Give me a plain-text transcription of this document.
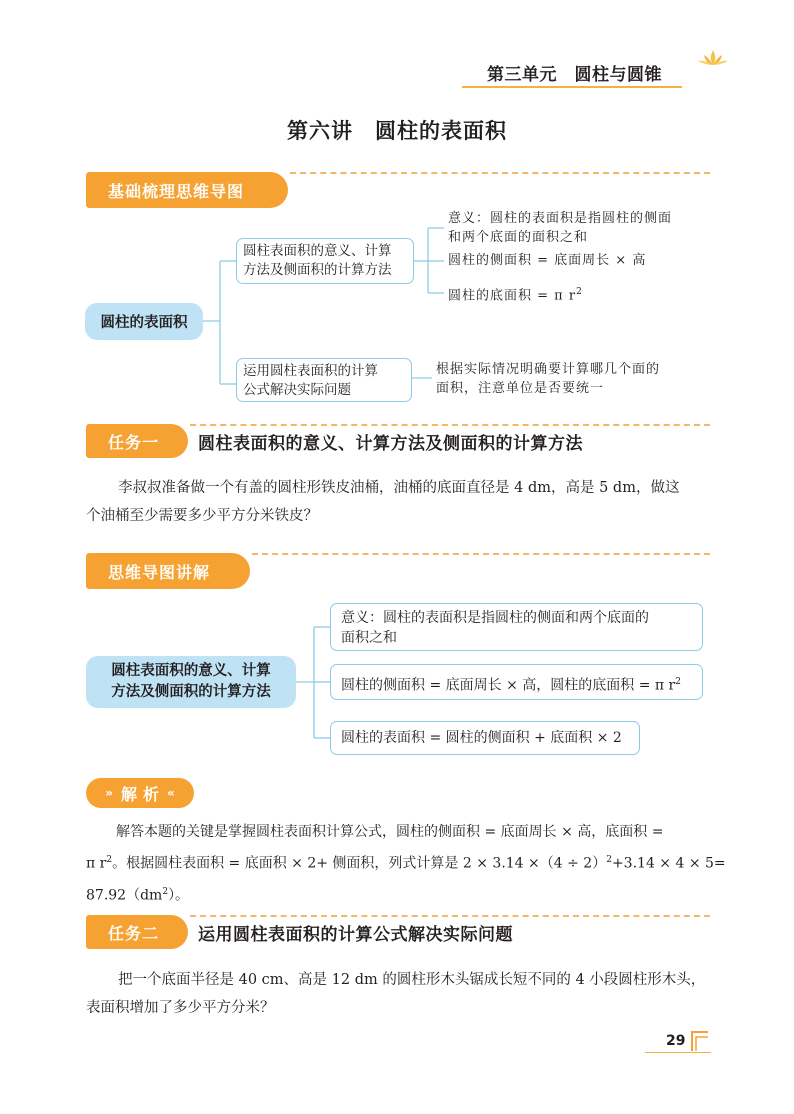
第三单元　圆柱与圆锥
第六讲　圆柱的表面积
基础梳理思维导图
圆柱的表面积
圆柱表面积的意义、计算
方法及侧面积的计算方法
意义：圆柱的表面积是指圆柱的侧面
和两个底面的面积之和
圆柱的侧面积 = 底面周长 × 高
圆柱的底面积 = π $r^2$
运用圆柱表面积的计算
公式解决实际问题
根据实际情况明确要计算哪几个面的
面积，注意单位是否要统一
任务一	圆柱表面积的意义、计算方法及侧面积的计算方法
李叔叔准备做一个有盖的圆柱形铁皮油桶，油桶的底面直径是 4 dm，高是 5 dm，做这
个油桶至少需要多少平方分米铁皮？
思维导图讲解
圆柱表面积的意义、计算
方法及侧面积的计算方法
意义：圆柱的表面积是指圆柱的侧面和两个底面的
面积之和
圆柱的侧面积 = 底面周长 × 高，圆柱的底面积 = π $r^2$
圆柱的表面积 = 圆柱的侧面积 + 底面积 × 2
» 解析 «
解答本题的关键是掌握圆柱表面积计算公式，圆柱的侧面积 = 底面周长 × 高，底面积 =
π $r^2$。根据圆柱表面积 = 底面积 × 2+ 侧面积，列式计算是 $2 \times 3.14 \times(4 \div 2)^2+3.14 \times 4 \times 5=$
$87.92(dm^2)$。
任务二	运用圆柱表面积的计算公式解决实际问题
把一个底面半径是 40 cm、高是 12 dm 的圆柱形木头锯成长短不同的 4 小段圆柱形木头，
表面积增加了多少平方分米？
29
